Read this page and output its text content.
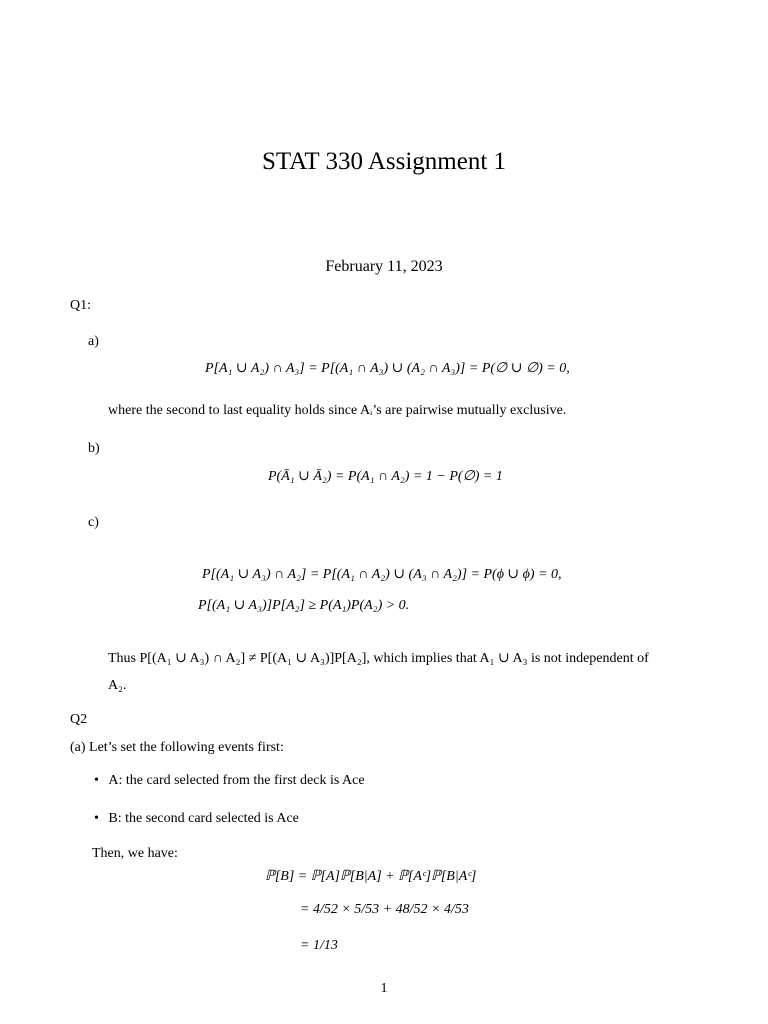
STAT 330 Assignment 1
February 11, 2023
Q1:
a)
P[A₁ ∪ A₂) ∩ A₃] = P[(A₁ ∩ A₃) ∪ (A₂ ∩ A₃)] = P(∅ ∪ ∅) = 0,
where the second to last equality holds since Aᵢ’s are pairwise mutually exclusive.
b)
P(Ā₁ ∪ Ā₂) = P(A₁ ∩ A₂) = 1 − P(∅) = 1
c)
P[(A₁ ∪ A₃) ∩ A₂] = P[(A₁ ∩ A₂) ∪ (A₃ ∩ A₂)] = P(ϕ ∪ ϕ) = 0,
P[(A₁ ∪ A₃)]P[A₂] ≥ P(A₁)P(A₂) > 0.
Thus P[(A₁ ∪ A₃) ∩ A₂] ≠ P[(A₁ ∪ A₃)]P[A₂], which implies that A₁ ∪ A₃ is not independent of
A₂.
Q2
(a) Let’s set the following events first:
• A: the card selected from the first deck is Ace
• B: the second card selected is Ace
Then, we have:
ℙ[B] = ℙ[A]ℙ[B|A] + ℙ[Aᶜ]ℙ[B|Aᶜ]
= 4/52 × 5/53 + 48/52 × 4/53
= 1/13
1
